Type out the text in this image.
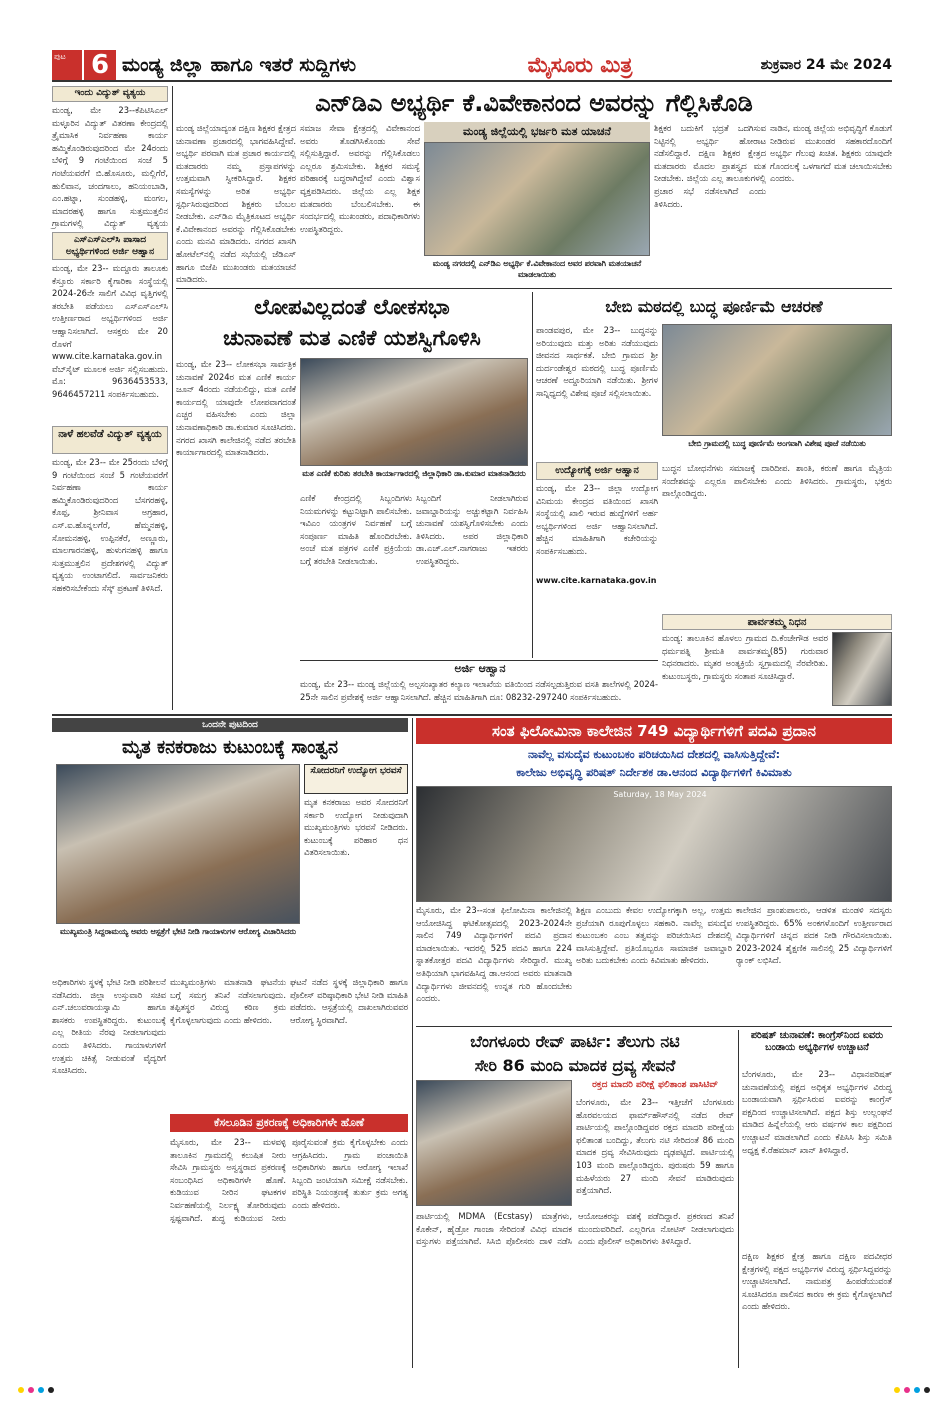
ಪುಟ 6 ಮಂಡ್ಯ ಜಿಲ್ಲಾ ಹಾಗೂ ಇತರೆ ಸುದ್ದಿಗಳು	ಮೈಸೂರು ಮಿತ್ರ	ಶುಕ್ರವಾರ 24 ಮೇ 2024
ಇಂದು ವಿದ್ಯುತ್ ವ್ಯತ್ಯಯ
ಮಂಡ್ಯ, ಮೇ 23--ಕೆಪಿಟಿಸಿಎಲ್ ಮಳ್ಳೂರಿನ ವಿದ್ಯುತ್ ವಿತರಣಾ ಕೇಂದ್ರದಲ್ಲಿ ತ್ರೈಮಾಸಿಕ ನಿರ್ವಹಣಾ ಕಾರ್ಯ ಹಮ್ಮಿಕೊಂಡಿರುವುದರಿಂದ ಮೇ 24ರಂದು ಬೆಳಿಗ್ಗೆ 9 ಗಂಟೆಯಿಂದ ಸಂಜೆ 5 ಗಂಟೆಯವರೆಗೆ ಬಿ.ಹೊಸೂರು, ಮಲ್ಲಿಗೆರೆ, ಹುಲಿವಾನ, ಚಂದಗಾಲು, ಹನಿಯಂಬಾಡಿ, ಎಂ.ಹಟ್ನಾ, ಸುಂಡಹಳ್ಳಿ, ಮಂಗಲ, ಮಾದರಹಳ್ಳಿ ಹಾಗೂ ಸುತ್ತಮುತ್ತಲಿನ ಗ್ರಾಮಗಳಲ್ಲಿ ವಿದ್ಯುತ್ ವ್ಯತ್ಯಯ
ಎಸ್‌ಎಸ್‌ಎಲ್‌ಸಿ ಪಾಸಾದ ಅಭ್ಯರ್ಥಿಗಳಿಂದ ಅರ್ಜಿ ಆಹ್ವಾನ
ಮಂಡ್ಯ, ಮೇ 23-- ಮದ್ದೂರು ತಾಲೂಕು ಕೆಸ್ತೂರು ಸರ್ಕಾರಿ ಕೈಗಾರಿಕಾ ಸಂಸ್ಥೆಯಲ್ಲಿ 2024-26ನೇ ಸಾಲಿಗೆ ವಿವಿಧ ವೃತ್ತಿಗಳಲ್ಲಿ ತರಬೇತಿ ಪಡೆಯಲು ಎಸ್‌ಎಸ್‌ಎಲ್‌ಸಿ ಉತ್ತೀರ್ಣರಾದ ಅಭ್ಯರ್ಥಿಗಳಿಂದ ಅರ್ಜಿ ಆಹ್ವಾನಿಸಲಾಗಿದೆ. ಆಸಕ್ತರು ಮೇ 20 ರೊಳಗೆ www.cite.karnataka.gov.in ವೆಬ್‌ಸೈಟ್ ಮೂಲಕ ಅರ್ಜಿ ಸಲ್ಲಿಸಬಹುದು. ಮೊ: 9636453533, 9646457211 ಸಂಪರ್ಕಿಸಬಹುದು.
ನಾಳೆ ಹಲವೆಡೆ ವಿದ್ಯುತ್ ವ್ಯತ್ಯಯ
ಮಂಡ್ಯ, ಮೇ 23-- ಮೇ 25ರಂದು ಬೆಳಿಗ್ಗೆ 9 ಗಂಟೆಯಿಂದ ಸಂಜೆ 5 ಗಂಟೆಯವರೆಗೆ ನಿರ್ವಹಣಾ ಕಾರ್ಯ ಹಮ್ಮಿಕೊಂಡಿರುವುದರಿಂದ ಬೆಸಗರಹಳ್ಳಿ, ಕೊಪ್ಪ, ಶ್ರೀನಿವಾಸ ಅಗ್ರಹಾರ, ಎಸ್.ಐ.ಹೊನ್ನಲಗೆರೆ, ಹೆಮ್ಮನಹಳ್ಳಿ, ಸೋಮನಹಳ್ಳಿ, ಉಪ್ಪಿನಕೆರೆ, ಅಣ್ಣೂರು, ಮಾಲಗಾರನಹಳ್ಳಿ, ಹುಳುಗನಹಳ್ಳಿ ಹಾಗೂ ಸುತ್ತಮುತ್ತಲಿನ ಪ್ರದೇಶಗಳಲ್ಲಿ ವಿದ್ಯುತ್ ವ್ಯತ್ಯಯ ಉಂಟಾಗಲಿದೆ. ಸಾರ್ವಜನಿಕರು ಸಹಕರಿಸಬೇಕೆಂದು ಸೆಸ್ಕ್ ಪ್ರಕಟಣೆ ತಿಳಿಸಿದೆ.
ಎನ್‌ಡಿಎ ಅಭ್ಯರ್ಥಿ ಕೆ.ವಿವೇಕಾನಂದ ಅವರನ್ನು ಗೆಲ್ಲಿಸಿಕೊಡಿ
ಮಂಡ್ಯ ಜಿಲ್ಲೆಯಾದ್ಯಂತ ದಕ್ಷಿಣ ಶಿಕ್ಷಕರ ಕ್ಷೇತ್ರದ ಚುನಾವಣಾ ಪ್ರಚಾರದಲ್ಲಿ ಭಾಗವಹಿಸಿದ್ದೇವೆ. ಅಭ್ಯರ್ಥಿ ಪರವಾಗಿ ಮತ ಪ್ರಚಾರ ಕಾರ್ಯದಲ್ಲಿ ಮತದಾರರು ನಮ್ಮ ಪ್ರಸ್ತಾಪಗಳನ್ನು ಉತ್ತಮವಾಗಿ ಸ್ವೀಕರಿಸಿದ್ದಾರೆ. ಶಿಕ್ಷಕರ ಸಮಸ್ಯೆಗಳನ್ನು ಅರಿತ ಅಭ್ಯರ್ಥಿ ಸ್ಪರ್ಧಿಸಿರುವುದರಿಂದ ಶಿಕ್ಷಕರು ಬೆಂಬಲ ನೀಡಬೇಕು. ಎನ್‌ಡಿಎ ಮೈತ್ರಿಕೂಟದ ಅಭ್ಯರ್ಥಿ ಕೆ.ವಿವೇಕಾನಂದ ಅವರನ್ನು ಗೆಲ್ಲಿಸಿಕೊಡಬೇಕು ಎಂದು ಮನವಿ ಮಾಡಿದರು. ನಗರದ ಖಾಸಗಿ ಹೋಟೆಲ್‌ನಲ್ಲಿ ನಡೆದ ಸಭೆಯಲ್ಲಿ ಜೆಡಿಎಸ್ ಹಾಗೂ ಬಿಜೆಪಿ ಮುಖಂಡರು ಮತಯಾಚನೆ ಮಾಡಿದರು.
ಸಮಾಜ ಸೇವಾ ಕ್ಷೇತ್ರದಲ್ಲಿ ವಿವೇಕಾನಂದ ಅವರು ತೊಡಗಿಸಿಕೊಂಡು ಸೇವೆ ಸಲ್ಲಿಸುತ್ತಿದ್ದಾರೆ. ಅವರನ್ನು ಗೆಲ್ಲಿಸಿಕೊಡಲು ಎಲ್ಲರೂ ಶ್ರಮಿಸಬೇಕು. ಶಿಕ್ಷಕರ ಸಮಸ್ಯೆ ಪರಿಹಾರಕ್ಕೆ ಬದ್ಧರಾಗಿದ್ದೇವೆ ಎಂದು ವಿಶ್ವಾಸ ವ್ಯಕ್ತಪಡಿಸಿದರು. ಜಿಲ್ಲೆಯ ಎಲ್ಲ ಶಿಕ್ಷಕ ಮತದಾರರು ಬೆಂಬಲಿಸಬೇಕು. ಈ ಸಂದರ್ಭದಲ್ಲಿ ಮುಖಂಡರು, ಪದಾಧಿಕಾರಿಗಳು ಉಪಸ್ಥಿತರಿದ್ದರು.
ಮಂಡ್ಯ ಜಿಲ್ಲೆಯಲ್ಲಿ ಭರ್ಜರಿ ಮತ ಯಾಚನೆ
ಮಂಡ್ಯ ನಗರದಲ್ಲಿ ಎನ್‌ಡಿಎ ಅಭ್ಯರ್ಥಿ ಕೆ.ವಿವೇಕಾನಂದ ಅವರ ಪರವಾಗಿ ಮತಯಾಚನೆ ಮಾಡಲಾಯಿತು
ಶಿಕ್ಷಕರ ಬದುಕಿಗೆ ಭದ್ರತೆ ಒದಗಿಸುವ ನಿಟ್ಟಿನಲ್ಲಿ ಅಭ್ಯರ್ಥಿ ಹೋರಾಟ ನಡೆಸಲಿದ್ದಾರೆ. ದಕ್ಷಿಣ ಶಿಕ್ಷಕರ ಕ್ಷೇತ್ರದ ಮತದಾರರು ಮೊದಲ ಪ್ರಾಶಸ್ತ್ಯದ ಮತ ನೀಡಬೇಕು. ಜಿಲ್ಲೆಯ ಎಲ್ಲ ತಾಲೂಕುಗಳಲ್ಲಿ ಪ್ರಚಾರ ಸಭೆ ನಡೆಸಲಾಗಿದೆ ಎಂದು ತಿಳಿಸಿದರು.
ನಾಡಿನ, ಮಂಡ್ಯ ಜಿಲ್ಲೆಯ ಅಭಿವೃದ್ಧಿಗೆ ಕೊಡುಗೆ ನೀಡಿರುವ ಮುಖಂಡರ ಸಹಕಾರದೊಂದಿಗೆ ಅಭ್ಯರ್ಥಿ ಗೆಲುವು ಖಚಿತ. ಶಿಕ್ಷಕರು ಯಾವುದೇ ಗೊಂದಲಕ್ಕೆ ಒಳಗಾಗದೆ ಮತ ಚಲಾಯಿಸಬೇಕು ಎಂದರು.
ಲೋಪವಿಲ್ಲದಂತೆ ಲೋಕಸಭಾ
ಚುನಾವಣೆ ಮತ ಎಣಿಕೆ ಯಶಸ್ವಿಗೊಳಿಸಿ
ಮತ ಎಣಿಕೆ ಕುರಿತು ತರಬೇತಿ ಕಾರ್ಯಾಗಾರದಲ್ಲಿ ಜಿಲ್ಲಾಧಿಕಾರಿ ಡಾ.ಕುಮಾರ ಮಾತನಾಡಿದರು
ಮಂಡ್ಯ, ಮೇ 23-- ಲೋಕಸಭಾ ಸಾರ್ವತ್ರಿಕ ಚುನಾವಣೆ 2024ರ ಮತ ಎಣಿಕೆ ಕಾರ್ಯ ಜೂನ್ 4ರಂದು ನಡೆಯಲಿದ್ದು, ಮತ ಎಣಿಕೆ ಕಾರ್ಯದಲ್ಲಿ ಯಾವುದೇ ಲೋಪವಾಗದಂತೆ ಎಚ್ಚರ ವಹಿಸಬೇಕು ಎಂದು ಜಿಲ್ಲಾ ಚುನಾವಣಾಧಿಕಾರಿ ಡಾ.ಕುಮಾರ ಸೂಚಿಸಿದರು. ನಗರದ ಖಾಸಗಿ ಕಾಲೇಜಿನಲ್ಲಿ ನಡೆದ ತರಬೇತಿ ಕಾರ್ಯಾಗಾರದಲ್ಲಿ ಮಾತನಾಡಿದರು.
ಎಣಿಕೆ ಕೇಂದ್ರದಲ್ಲಿ ಸಿಬ್ಬಂದಿಗಳು ನಿಯಮಗಳನ್ನು ಕಟ್ಟುನಿಟ್ಟಾಗಿ ಪಾಲಿಸಬೇಕು. ಇವಿಎಂ ಯಂತ್ರಗಳ ನಿರ್ವಹಣೆ ಬಗ್ಗೆ ಸಂಪೂರ್ಣ ಮಾಹಿತಿ ಹೊಂದಿರಬೇಕು. ಅಂಚೆ ಮತ ಪತ್ರಗಳ ಎಣಿಕೆ ಪ್ರಕ್ರಿಯೆಯ ಬಗ್ಗೆ ತರಬೇತಿ ನೀಡಲಾಯಿತು.
ಸಿಬ್ಬಂದಿಗೆ ನೀಡಲಾಗಿರುವ ಜವಾಬ್ದಾರಿಯನ್ನು ಅಚ್ಚುಕಟ್ಟಾಗಿ ನಿರ್ವಹಿಸಿ ಚುನಾವಣೆ ಯಶಸ್ವಿಗೊಳಿಸಬೇಕು ಎಂದು ತಿಳಿಸಿದರು. ಅಪರ ಜಿಲ್ಲಾಧಿಕಾರಿ ಡಾ.ಎಚ್.ಎಲ್.ನಾಗರಾಜು ಇತರರು ಉಪಸ್ಥಿತರಿದ್ದರು.
ಬೇಬಿ ಮಠದಲ್ಲಿ ಬುದ್ಧ ಪೂರ್ಣಿಮೆ ಆಚರಣೆ
ಪಾಂಡವಪುರ, ಮೇ 23-- ಬುದ್ಧನನ್ನು ಅರಿಯುವುದು ಮತ್ತು ಅರಿತು ನಡೆಯುವುದು ಜೀವನದ ಸಾರ್ಥಕತೆ. ಬೇಬಿ ಗ್ರಾಮದ ಶ್ರೀ ದುರ್ದಂಡೇಶ್ವರ ಮಠದಲ್ಲಿ ಬುದ್ಧ ಪೂರ್ಣಿಮೆ ಆಚರಣೆ ಅದ್ದೂರಿಯಾಗಿ ನಡೆಯಿತು. ಶ್ರೀಗಳ ಸಾನ್ನಿಧ್ಯದಲ್ಲಿ ವಿಶೇಷ ಪೂಜೆ ಸಲ್ಲಿಸಲಾಯಿತು.
ಬೇಬಿ ಗ್ರಾಮದಲ್ಲಿ ಬುದ್ಧ ಪೂರ್ಣಿಮೆ ಅಂಗವಾಗಿ ವಿಶೇಷ ಪೂಜೆ ನಡೆಯಿತು
ಉದ್ಯೋಗಕ್ಕೆ ಅರ್ಜಿ ಆಹ್ವಾನ
ಮಂಡ್ಯ, ಮೇ 23-- ಜಿಲ್ಲಾ ಉದ್ಯೋಗ ವಿನಿಮಯ ಕೇಂದ್ರದ ವತಿಯಿಂದ ಖಾಸಗಿ ಸಂಸ್ಥೆಯಲ್ಲಿ ಖಾಲಿ ಇರುವ ಹುದ್ದೆಗಳಿಗೆ ಅರ್ಹ ಅಭ್ಯರ್ಥಿಗಳಿಂದ ಅರ್ಜಿ ಆಹ್ವಾನಿಸಲಾಗಿದೆ. ಹೆಚ್ಚಿನ ಮಾಹಿತಿಗಾಗಿ ಕಚೇರಿಯನ್ನು ಸಂಪರ್ಕಿಸಬಹುದು.
www.cite.karnataka.gov.in
ಬುದ್ಧನ ಬೋಧನೆಗಳು ಸಮಾಜಕ್ಕೆ ದಾರಿದೀಪ. ಶಾಂತಿ, ಕರುಣೆ ಹಾಗೂ ಮೈತ್ರಿಯ ಸಂದೇಶವನ್ನು ಎಲ್ಲರೂ ಪಾಲಿಸಬೇಕು ಎಂದು ತಿಳಿಸಿದರು. ಗ್ರಾಮಸ್ಥರು, ಭಕ್ತರು ಪಾಲ್ಗೊಂಡಿದ್ದರು.
ಪಾರ್ವತಮ್ಮ ನಿಧನ
ಮಂಡ್ಯ: ತಾಲೂಕಿನ ಹೊಳಲು ಗ್ರಾಮದ ದಿ.ಕೆಂಚೇಗೌಡ ಅವರ ಧರ್ಮಪತ್ನಿ ಶ್ರೀಮತಿ ಪಾರ್ವತಮ್ಮ(85) ಗುರುವಾರ ನಿಧನರಾದರು. ಮೃತರ ಅಂತ್ಯಕ್ರಿಯೆ ಸ್ವಗ್ರಾಮದಲ್ಲಿ ನೆರವೇರಿತು. ಕುಟುಂಬಸ್ಥರು, ಗ್ರಾಮಸ್ಥರು ಸಂತಾಪ ಸೂಚಿಸಿದ್ದಾರೆ.
ಅರ್ಜಿ ಆಹ್ವಾನ
ಮಂಡ್ಯ, ಮೇ 23-- ಮಂಡ್ಯ ಜಿಲ್ಲೆಯಲ್ಲಿ ಅಲ್ಪಸಂಖ್ಯಾತರ ಕಲ್ಯಾಣ ಇಲಾಖೆಯ ವತಿಯಿಂದ ನಡೆಸಲ್ಪಡುತ್ತಿರುವ ವಸತಿ ಶಾಲೆಗಳಲ್ಲಿ 2024-25ನೇ ಸಾಲಿನ ಪ್ರವೇಶಕ್ಕೆ ಅರ್ಜಿ ಆಹ್ವಾನಿಸಲಾಗಿದೆ. ಹೆಚ್ಚಿನ ಮಾಹಿತಿಗಾಗಿ ದೂ: 08232-297240 ಸಂಪರ್ಕಿಸಬಹುದು.
ಒಂದನೇ ಪುಟದಿಂದ
ಮೃತ ಕನಕರಾಜು ಕುಟುಂಬಕ್ಕೆ ಸಾಂತ್ವನ
ಮುಖ್ಯಮಂತ್ರಿ ಸಿದ್ದರಾಮಯ್ಯ ಅವರು ಆಸ್ಪತ್ರೆಗೆ ಭೇಟಿ ನೀಡಿ ಗಾಯಾಳುಗಳ ಆರೋಗ್ಯ ವಿಚಾರಿಸಿದರು
ಸೋದರನಿಗೆ ಉದ್ಯೋಗ ಭರವಸೆ
ಮೃತ ಕನಕರಾಜು ಅವರ ಸೋದರನಿಗೆ ಸರ್ಕಾರಿ ಉದ್ಯೋಗ ನೀಡುವುದಾಗಿ ಮುಖ್ಯಮಂತ್ರಿಗಳು ಭರವಸೆ ನೀಡಿದರು. ಕುಟುಂಬಕ್ಕೆ ಪರಿಹಾರ ಧನ ವಿತರಿಸಲಾಯಿತು.
ಅಧಿಕಾರಿಗಳು ಸ್ಥಳಕ್ಕೆ ಭೇಟಿ ನೀಡಿ ಪರಿಶೀಲನೆ ನಡೆಸಿದರು. ಜಿಲ್ಲಾ ಉಸ್ತುವಾರಿ ಸಚಿವ ಎನ್.ಚಲುವರಾಯಸ್ವಾಮಿ ಹಾಗೂ ಶಾಸಕರು ಉಪಸ್ಥಿತರಿದ್ದರು. ಕುಟುಂಬಕ್ಕೆ ಎಲ್ಲ ರೀತಿಯ ನೆರವು ನೀಡಲಾಗುವುದು ಎಂದು ತಿಳಿಸಿದರು. ಗಾಯಾಳುಗಳಿಗೆ ಉತ್ತಮ ಚಿಕಿತ್ಸೆ ನೀಡುವಂತೆ ವೈದ್ಯರಿಗೆ ಸೂಚಿಸಿದರು.
ಮುಖ್ಯಮಂತ್ರಿಗಳು ಮಾತನಾಡಿ ಘಟನೆಯ ಬಗ್ಗೆ ಸಮಗ್ರ ತನಿಖೆ ನಡೆಸಲಾಗುವುದು. ತಪ್ಪಿತಸ್ಥರ ವಿರುದ್ಧ ಕಠಿಣ ಕ್ರಮ ಕೈಗೊಳ್ಳಲಾಗುವುದು ಎಂದು ಹೇಳಿದರು.
ಘಟನೆ ನಡೆದ ಸ್ಥಳಕ್ಕೆ ಜಿಲ್ಲಾಧಿಕಾರಿ ಹಾಗೂ ಪೊಲೀಸ್ ವರಿಷ್ಠಾಧಿಕಾರಿ ಭೇಟಿ ನೀಡಿ ಮಾಹಿತಿ ಪಡೆದರು. ಆಸ್ಪತ್ರೆಯಲ್ಲಿ ದಾಖಲಾಗಿರುವವರ ಆರೋಗ್ಯ ಸ್ಥಿರವಾಗಿದೆ.
ಕೆಸಲೂಡಿನ ಪ್ರಕರಣಕ್ಕೆ ಅಧಿಕಾರಿಗಳೇ ಹೊಣೆ
ಮೈಸೂರು, ಮೇ 23-- ಮಳವಳ್ಳಿ ತಾಲೂಕಿನ ಗ್ರಾಮದಲ್ಲಿ ಕಲುಷಿತ ನೀರು ಸೇವಿಸಿ ಗ್ರಾಮಸ್ಥರು ಅಸ್ವಸ್ಥರಾದ ಪ್ರಕರಣಕ್ಕೆ ಸಂಬಂಧಿಸಿದ ಅಧಿಕಾರಿಗಳೇ ಹೊಣೆ. ಕುಡಿಯುವ ನೀರಿನ ಘಟಕಗಳ ನಿರ್ವಹಣೆಯಲ್ಲಿ ನಿರ್ಲಕ್ಷ್ಯ ತೋರಿರುವುದು ಸ್ಪಷ್ಟವಾಗಿದೆ. ಶುದ್ಧ ಕುಡಿಯುವ ನೀರು ಪೂರೈಸುವಂತೆ ಕ್ರಮ ಕೈಗೊಳ್ಳಬೇಕು ಎಂದು ಆಗ್ರಹಿಸಿದರು. ಗ್ರಾಮ ಪಂಚಾಯಿತಿ ಅಧಿಕಾರಿಗಳು ಹಾಗೂ ಆರೋಗ್ಯ ಇಲಾಖೆ ಸಿಬ್ಬಂದಿ ಜಂಟಿಯಾಗಿ ಸಮೀಕ್ಷೆ ನಡೆಸಬೇಕು. ಪರಿಸ್ಥಿತಿ ನಿಯಂತ್ರಣಕ್ಕೆ ತುರ್ತು ಕ್ರಮ ಅಗತ್ಯ ಎಂದು ಹೇಳಿದರು.
ಸಂತ ಫಿಲೋಮಿನಾ ಕಾಲೇಜಿನ 749 ವಿದ್ಯಾರ್ಥಿಗಳಿಗೆ ಪದವಿ ಪ್ರದಾನ
ನಾವೆಲ್ಲ ವಸುದೈವ ಕುಟುಂಬಕಂ ಪರಿಚಯಿಸಿದ ದೇಶದಲ್ಲಿ ವಾಸಿಸುತ್ತಿದ್ದೇವೆ:
ಕಾಲೇಜು ಅಭಿವೃದ್ಧಿ ಪರಿಷತ್ ನಿರ್ದೇಶಕ ಡಾ.ಆನಂದ ವಿದ್ಯಾರ್ಥಿಗಳಿಗೆ ಕಿವಿಮಾತು
Saturday, 18 May 2024
ಮೈಸೂರು, ಮೇ 23--ಸಂತ ಫಿಲೋಮಿನಾ ಕಾಲೇಜಿನಲ್ಲಿ ಆಯೋಜಿಸಿದ್ದ ಘಟಿಕೋತ್ಸವದಲ್ಲಿ 2023-2024ನೇ ಸಾಲಿನ 749 ವಿದ್ಯಾರ್ಥಿಗಳಿಗೆ ಪದವಿ ಪ್ರದಾನ ಮಾಡಲಾಯಿತು. ಇದರಲ್ಲಿ 525 ಪದವಿ ಹಾಗೂ 224 ಸ್ನಾತಕೋತ್ತರ ಪದವಿ ವಿದ್ಯಾರ್ಥಿಗಳು ಸೇರಿದ್ದಾರೆ. ಮುಖ್ಯ ಅತಿಥಿಯಾಗಿ ಭಾಗವಹಿಸಿದ್ದ ಡಾ.ಆನಂದ ಅವರು ಮಾತನಾಡಿ ವಿದ್ಯಾರ್ಥಿಗಳು ಜೀವನದಲ್ಲಿ ಉನ್ನತ ಗುರಿ ಹೊಂದಬೇಕು ಎಂದರು.
ಶಿಕ್ಷಣ ಎಂಬುದು ಕೇವಲ ಉದ್ಯೋಗಕ್ಕಾಗಿ ಅಲ್ಲ, ಉತ್ತಮ ಪ್ರಜೆಯಾಗಿ ರೂಪುಗೊಳ್ಳಲು ಸಹಕಾರಿ. ನಾವೆಲ್ಲ ವಸುದೈವ ಕುಟುಂಬಕಂ ಎಂಬ ತತ್ವವನ್ನು ಪರಿಚಯಿಸಿದ ದೇಶದಲ್ಲಿ ವಾಸಿಸುತ್ತಿದ್ದೇವೆ. ಪ್ರತಿಯೊಬ್ಬರೂ ಸಾಮಾಜಿಕ ಜವಾಬ್ದಾರಿ ಅರಿತು ಬದುಕಬೇಕು ಎಂದು ಕಿವಿಮಾತು ಹೇಳಿದರು.
ಕಾಲೇಜಿನ ಪ್ರಾಂಶುಪಾಲರು, ಆಡಳಿತ ಮಂಡಳಿ ಸದಸ್ಯರು ಉಪಸ್ಥಿತರಿದ್ದರು. 65% ಅಂಕಗಳೊಂದಿಗೆ ಉತ್ತೀರ್ಣರಾದ ವಿದ್ಯಾರ್ಥಿಗಳಿಗೆ ಚಿನ್ನದ ಪದಕ ನೀಡಿ ಗೌರವಿಸಲಾಯಿತು. 2023-2024 ಶೈಕ್ಷಣಿಕ ಸಾಲಿನಲ್ಲಿ 25 ವಿದ್ಯಾರ್ಥಿಗಳಿಗೆ ರ‍್ಯಾಂಕ್ ಲಭಿಸಿದೆ.
ಬೆಂಗಳೂರು ರೇವ್ ಪಾರ್ಟಿ: ತೆಲುಗು ನಟಿ
ಸೇರಿ 86 ಮಂದಿ ಮಾದಕ ದ್ರವ್ಯ ಸೇವನೆ
ರಕ್ತದ ಮಾದರಿ ಪರೀಕ್ಷೆ ಫಲಿತಾಂಶ ಪಾಸಿಟಿವ್
ಬೆಂಗಳೂರು, ಮೇ 23-- ಇತ್ತೀಚೆಗೆ ಬೆಂಗಳೂರು ಹೊರವಲಯದ ಫಾರ್ಮ್‌ಹೌಸ್‌ನಲ್ಲಿ ನಡೆದ ರೇವ್ ಪಾರ್ಟಿಯಲ್ಲಿ ಪಾಲ್ಗೊಂಡಿದ್ದವರ ರಕ್ತದ ಮಾದರಿ ಪರೀಕ್ಷೆಯ ಫಲಿತಾಂಶ ಬಂದಿದ್ದು, ತೆಲುಗು ನಟಿ ಸೇರಿದಂತೆ 86 ಮಂದಿ ಮಾದಕ ದ್ರವ್ಯ ಸೇವಿಸಿರುವುದು ದೃಢಪಟ್ಟಿದೆ. ಪಾರ್ಟಿಯಲ್ಲಿ 103 ಮಂದಿ ಪಾಲ್ಗೊಂಡಿದ್ದರು. ಪುರುಷರು 59 ಹಾಗೂ ಮಹಿಳೆಯರು 27 ಮಂದಿ ಸೇವನೆ ಮಾಡಿರುವುದು ಪತ್ತೆಯಾಗಿದೆ.
ಪಾರ್ಟಿಯಲ್ಲಿ MDMA (Ecstasy) ಮಾತ್ರೆಗಳು, ಕೊಕೇನ್, ಹೈಡ್ರೋ ಗಾಂಜಾ ಸೇರಿದಂತೆ ವಿವಿಧ ಮಾದಕ ವಸ್ತುಗಳು ಪತ್ತೆಯಾಗಿವೆ. ಸಿಸಿಬಿ ಪೊಲೀಸರು ದಾಳಿ ನಡೆಸಿ ಆಯೋಜಕರನ್ನು ವಶಕ್ಕೆ ಪಡೆದಿದ್ದಾರೆ. ಪ್ರಕರಣದ ತನಿಖೆ ಮುಂದುವರಿದಿದೆ. ಎಲ್ಲರಿಗೂ ನೋಟಿಸ್ ನೀಡಲಾಗುವುದು ಎಂದು ಪೊಲೀಸ್ ಅಧಿಕಾರಿಗಳು ತಿಳಿಸಿದ್ದಾರೆ.
ಪರಿಷತ್ ಚುನಾವಣೆ: ಕಾಂಗ್ರೆಸ್‌ನಿಂದ ಐವರು ಬಂಡಾಯ ಅಭ್ಯರ್ಥಿಗಳ ಉಚ್ಚಾಟನೆ
ಬೆಂಗಳೂರು, ಮೇ 23-- ವಿಧಾನಪರಿಷತ್ ಚುನಾವಣೆಯಲ್ಲಿ ಪಕ್ಷದ ಅಧಿಕೃತ ಅಭ್ಯರ್ಥಿಗಳ ವಿರುದ್ಧ ಬಂಡಾಯವಾಗಿ ಸ್ಪರ್ಧಿಸಿರುವ ಐವರನ್ನು ಕಾಂಗ್ರೆಸ್ ಪಕ್ಷದಿಂದ ಉಚ್ಚಾಟಿಸಲಾಗಿದೆ. ಪಕ್ಷದ ಶಿಸ್ತು ಉಲ್ಲಂಘನೆ ಮಾಡಿದ ಹಿನ್ನೆಲೆಯಲ್ಲಿ ಆರು ವರ್ಷಗಳ ಕಾಲ ಪಕ್ಷದಿಂದ ಉಚ್ಚಾಟನೆ ಮಾಡಲಾಗಿದೆ ಎಂದು ಕೆಪಿಸಿಸಿ ಶಿಸ್ತು ಸಮಿತಿ ಅಧ್ಯಕ್ಷ ಕೆ.ರೆಹಮಾನ್ ಖಾನ್ ತಿಳಿಸಿದ್ದಾರೆ.
ದಕ್ಷಿಣ ಶಿಕ್ಷಕರ ಕ್ಷೇತ್ರ ಹಾಗೂ ದಕ್ಷಿಣ ಪದವೀಧರ ಕ್ಷೇತ್ರಗಳಲ್ಲಿ ಪಕ್ಷದ ಅಭ್ಯರ್ಥಿಗಳ ವಿರುದ್ಧ ಸ್ಪರ್ಧಿಸಿದ್ದವರನ್ನು ಉಚ್ಚಾಟಿಸಲಾಗಿದೆ. ನಾಮಪತ್ರ ಹಿಂಪಡೆಯುವಂತೆ ಸೂಚಿಸಿದರೂ ಪಾಲಿಸದ ಕಾರಣ ಈ ಕ್ರಮ ಕೈಗೊಳ್ಳಲಾಗಿದೆ ಎಂದು ಹೇಳಿದರು.
